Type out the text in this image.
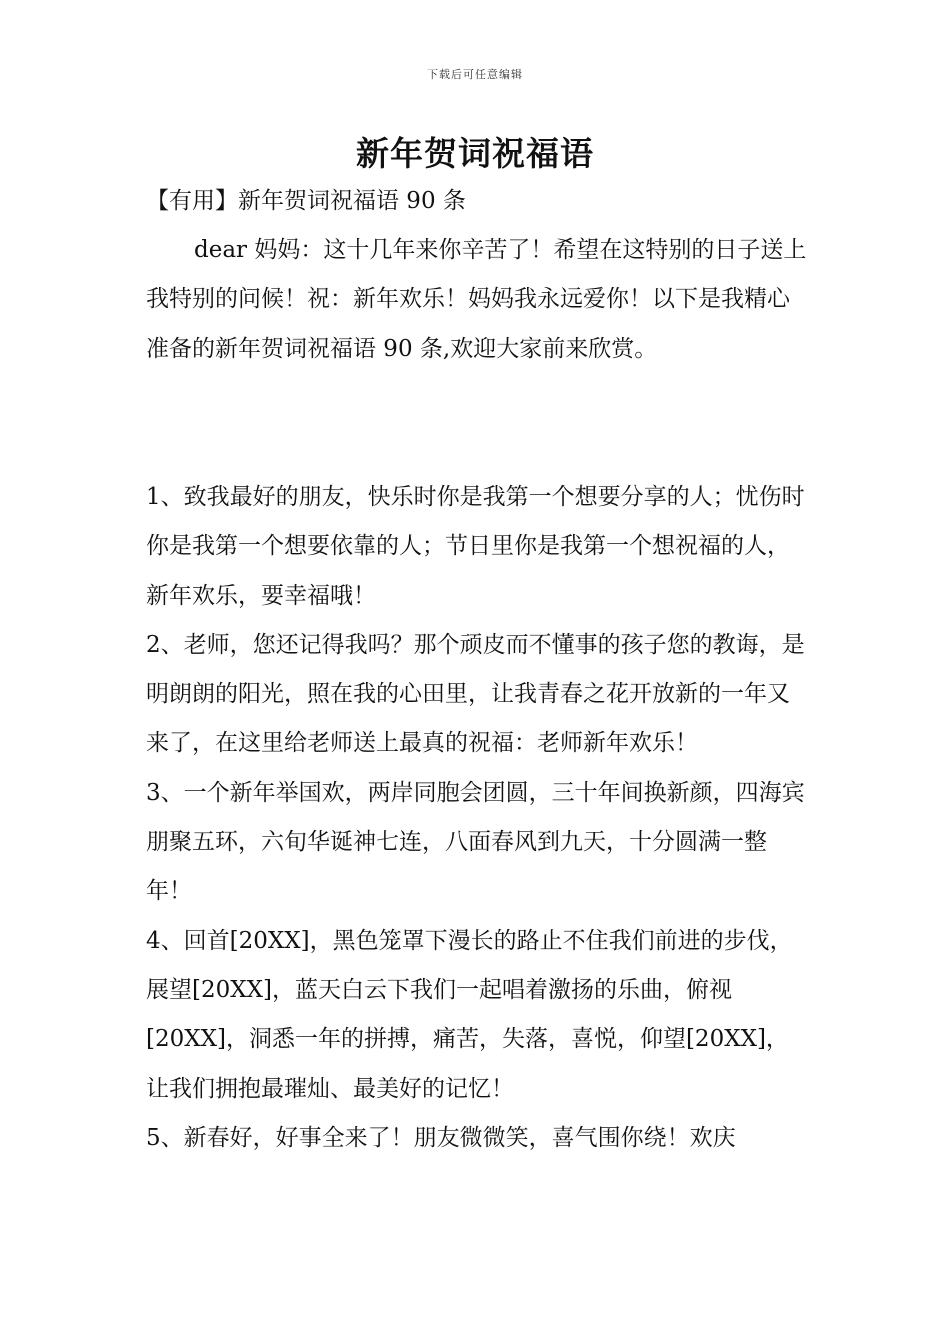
下载后可任意编辑
新年贺词祝福语

【有用】新年贺词祝福语 90 条

dear 妈妈：这十几年来你辛苦了！希望在这特别的日子送上我特别的问候！祝：新年欢乐！妈妈我永远爱你！以下是我精心准备的新年贺词祝福语 90 条,欢迎大家前来欣赏。

1、致我最好的朋友，快乐时你是我第一个想要分享的人；忧伤时你是我第一个想要依靠的人；节日里你是我第一个想祝福的人，新年欢乐，要幸福哦！

2、老师，您还记得我吗？那个顽皮而不懂事的孩子您的教诲，是明朗朗的阳光，照在我的心田里，让我青春之花开放新的一年又来了，在这里给老师送上最真的祝福：老师新年欢乐！

3、一个新年举国欢，两岸同胞会团圆，三十年间换新颜，四海宾朋聚五环，六旬华诞神七连，八面春风到九天，十分圆满一整年！

4、回首[20XX]，黑色笼罩下漫长的路止不住我们前进的步伐，展望[20XX]，蓝天白云下我们一起唱着激扬的乐曲，俯视[20XX]，洞悉一年的拼搏，痛苦，失落，喜悦，仰望[20XX]，让我们拥抱最璀灿、最美好的记忆！

5、新春好，好事全来了！朋友微微笑，喜气围你绕！欢庆
